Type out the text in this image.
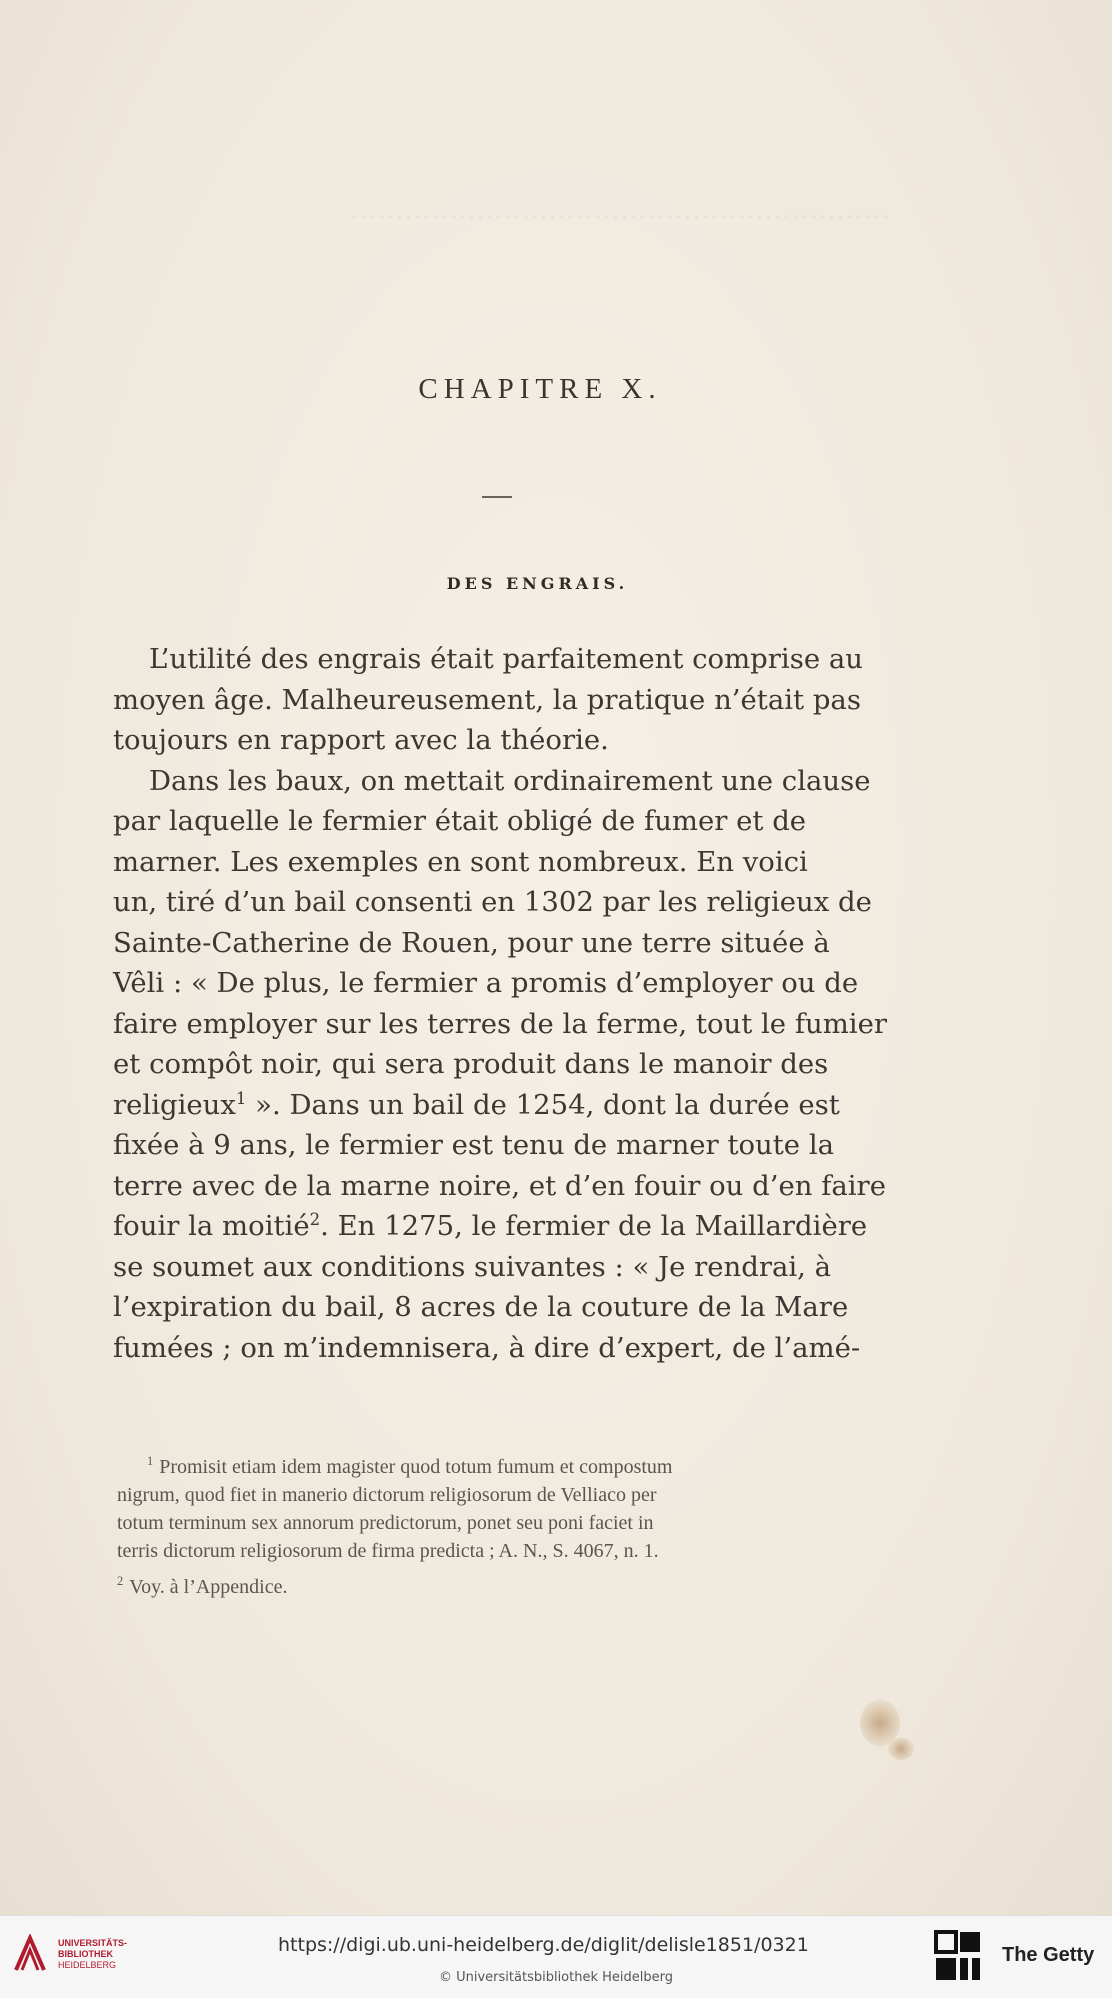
……………………………………………………
CHAPITRE X.
DES ENGRAIS.
L’utilité des engrais était parfaitement comprise au
moyen âge. Malheureusement, la pratique n’était pas
toujours en rapport avec la théorie.
Dans les baux, on mettait ordinairement une clause
par laquelle le fermier était obligé de fumer et de
marner. Les exemples en sont nombreux. En voici
un, tiré d’un bail consenti en 1302 par les religieux de
Sainte-Catherine de Rouen, pour une terre située à
Vêli : « De plus, le fermier a promis d’employer ou de
faire employer sur les terres de la ferme, tout le fumier
et compôt noir, qui sera produit dans le manoir des
religieux$^1$ ». Dans un bail de 1254, dont la durée est
fixée à 9 ans, le fermier est tenu de marner toute la
terre avec de la marne noire, et d’en fouir ou d’en faire
fouir la moitié$^2$. En 1275, le fermier de la Maillardière
se soumet aux conditions suivantes : « Je rendrai, à
l’expiration du bail, 8 acres de la couture de la Mare
fumées ; on m’indemnisera, à dire d’expert, de l’amé-
$^1$ Promisit etiam idem magister quod totum fumum et compostum
nigrum, quod fiet in manerio dictorum religiosorum de Velliaco per
totum terminum sex annorum predictorum, ponet seu poni faciet in
terris dictorum religiosorum de firma predicta ; A. N., S. 4067, n. 1.
$^2$ Voy. à l’Appendice.
UNIVERSITÄTS-
BIBLIOTHEK
HEIDELBERG
https://digi.ub.uni-heidelberg.de/diglit/delisle1851/0321
© Universitätsbibliothek Heidelberg
The Getty
